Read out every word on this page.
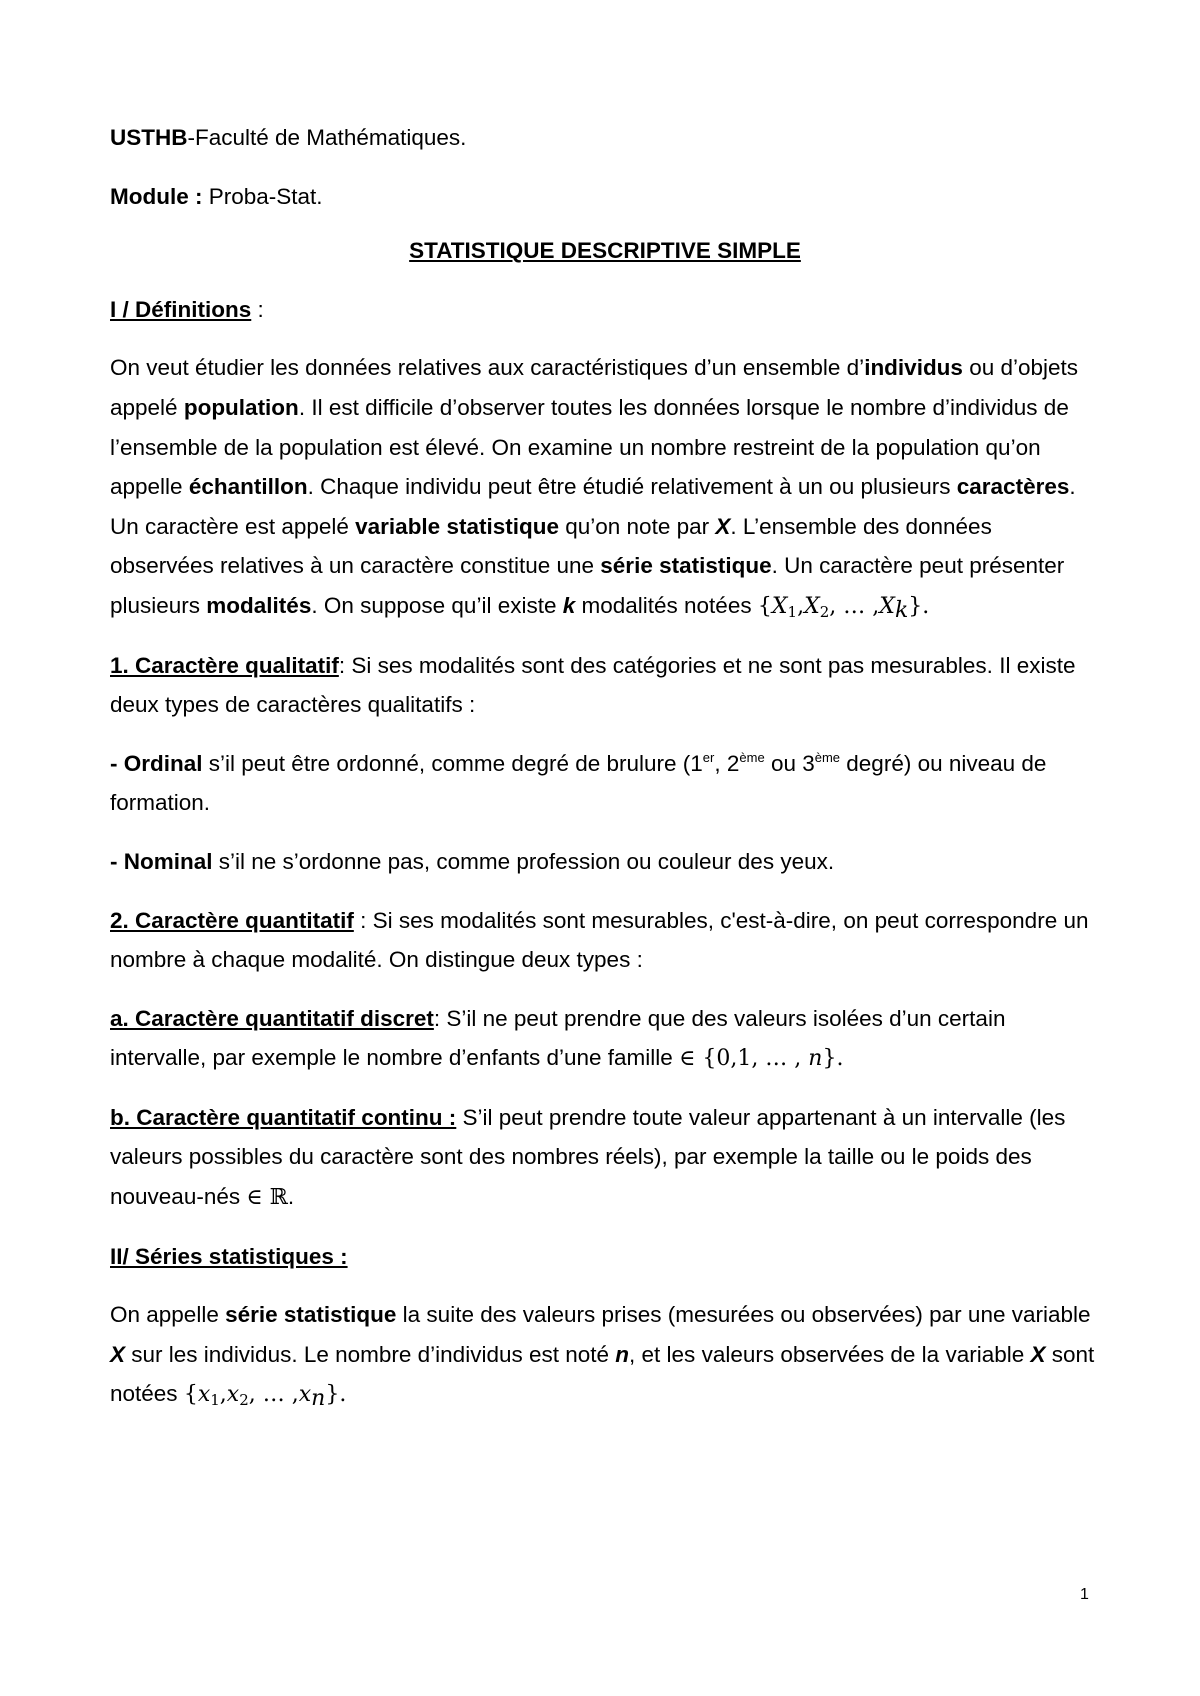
USTHB-Faculté de Mathématiques.

Module : Proba-Stat.

STATISTIQUE DESCRIPTIVE SIMPLE

I / Définitions :

On veut étudier les données relatives aux caractéristiques d’un ensemble d’individus ou d’objets appelé population. Il est difficile d’observer toutes les données lorsque le nombre d’individus de l’ensemble de la population est élevé. On examine un nombre restreint de la population qu’on appelle échantillon. Chaque individu peut être étudié relativement à un ou plusieurs caractères. Un caractère est appelé variable statistique qu’on note par X. L’ensemble des données observées relatives à un caractère constitue une série statistique. Un caractère peut présenter plusieurs modalités. On suppose qu’il existe k modalités notées {$X_1,X_2$, … $,X_k$}.

1. Caractère qualitatif: Si ses modalités sont des catégories et ne sont pas mesurables. Il existe deux types de caractères qualitatifs :

- Ordinal s’il peut être ordonné, comme degré de brulure (1er, 2ème ou 3ème degré) ou niveau de formation.

- Nominal s’il ne s’ordonne pas, comme profession ou couleur des yeux.

2. Caractère quantitatif : Si ses modalités sont mesurables, c'est-à-dire, on peut correspondre un nombre à chaque modalité. On distingue deux types :

a. Caractère quantitatif discret: S’il ne peut prendre que des valeurs isolées d’un certain intervalle, par exemple le nombre d’enfants d’une famille ∈ {0,1, … , n}.

b. Caractère quantitatif continu : S’il peut prendre toute valeur appartenant à un intervalle (les valeurs possibles du caractère sont des nombres réels), par exemple la taille ou le poids des nouveau-nés ∈ ℝ.

II/ Séries statistiques :

On appelle série statistique la suite des valeurs prises (mesurées ou observées) par une variable X sur les individus. Le nombre d’individus est noté n, et les valeurs observées de la variable X sont notées {$x_1,x_2$, … $,x_n$}.

1
